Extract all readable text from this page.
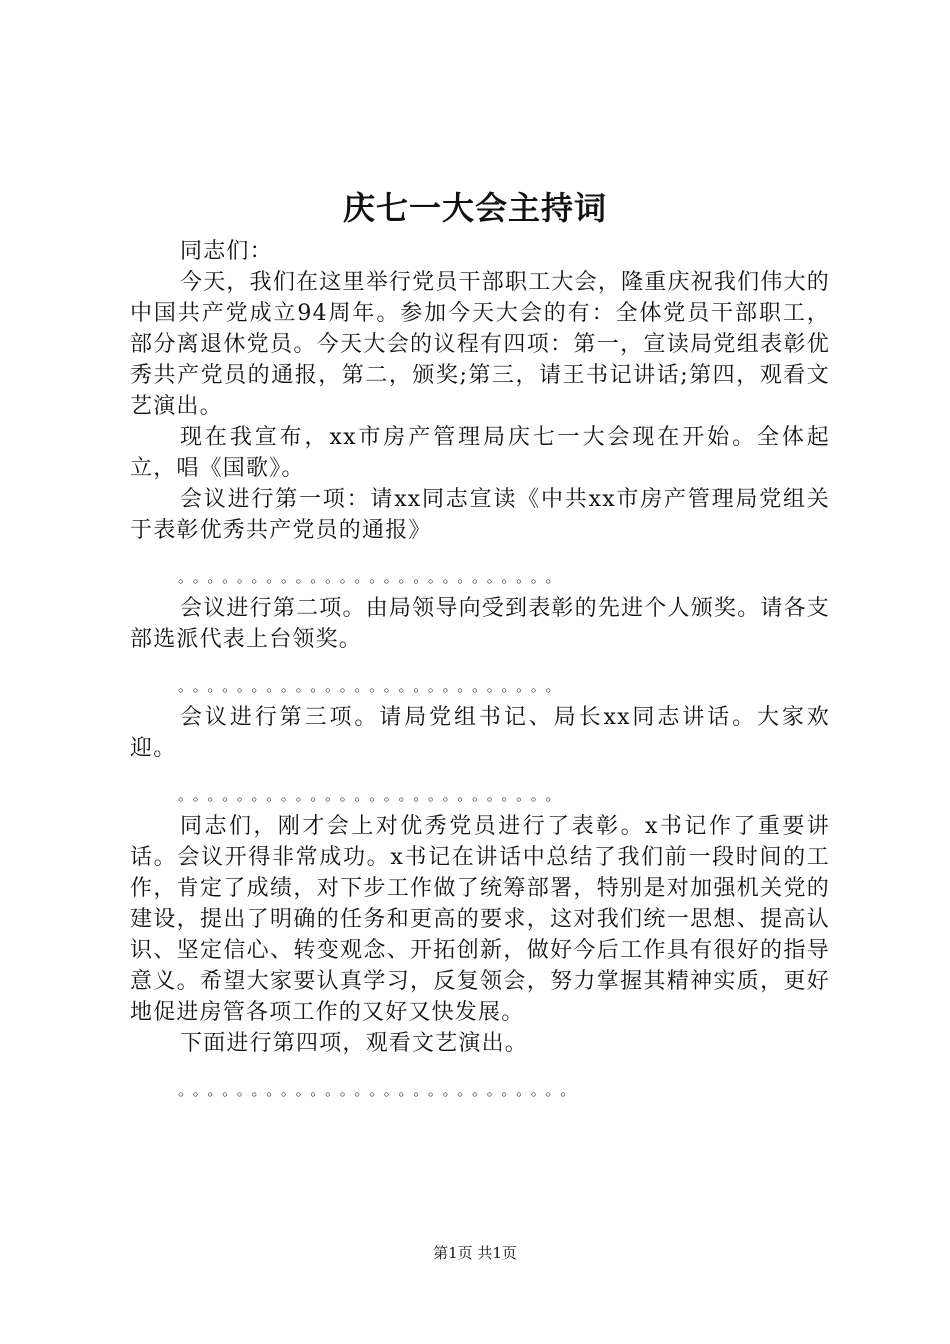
庆七一大会主持词

同志们：

今天，我们在这里举行党员干部职工大会，隆重庆祝我们伟大的中国共产党成立94周年。参加今天大会的有：全体党员干部职工，部分离退休党员。今天大会的议程有四项：第一，宣读局党组表彰优秀共产党员的通报，第二，颁奖;第三，请王书记讲话;第四，观看文艺演出。

现在我宣布，xx市房产管理局庆七一大会现在开始。全体起立，唱《国歌》。

会议进行第一项：请xx同志宣读《中共xx市房产管理局党组关于表彰优秀共产党员的通报》

。。。。。。。。。。。。。。。。。。。。。。。。。。

会议进行第二项。由局领导向受到表彰的先进个人颁奖。请各支部选派代表上台领奖。

。。。。。。。。。。。。。。。。。。。。。。。。。。

会议进行第三项。请局党组书记、局长xx同志讲话。大家欢迎。

。。。。。。。。。。。。。。。。。。。。。。。。。。

同志们，刚才会上对优秀党员进行了表彰。x书记作了重要讲话。会议开得非常成功。x书记在讲话中总结了我们前一段时间的工作，肯定了成绩，对下步工作做了统筹部署，特别是对加强机关党的建设，提出了明确的任务和更高的要求，这对我们统一思想、提高认识、坚定信心、转变观念、开拓创新，做好今后工作具有很好的指导意义。希望大家要认真学习，反复领会，努力掌握其精神实质，更好地促进房管各项工作的又好又快发展。

下面进行第四项，观看文艺演出。

。。。。。。。。。。。。。。。。。。。。。。。。。。。

第1页 共1页
